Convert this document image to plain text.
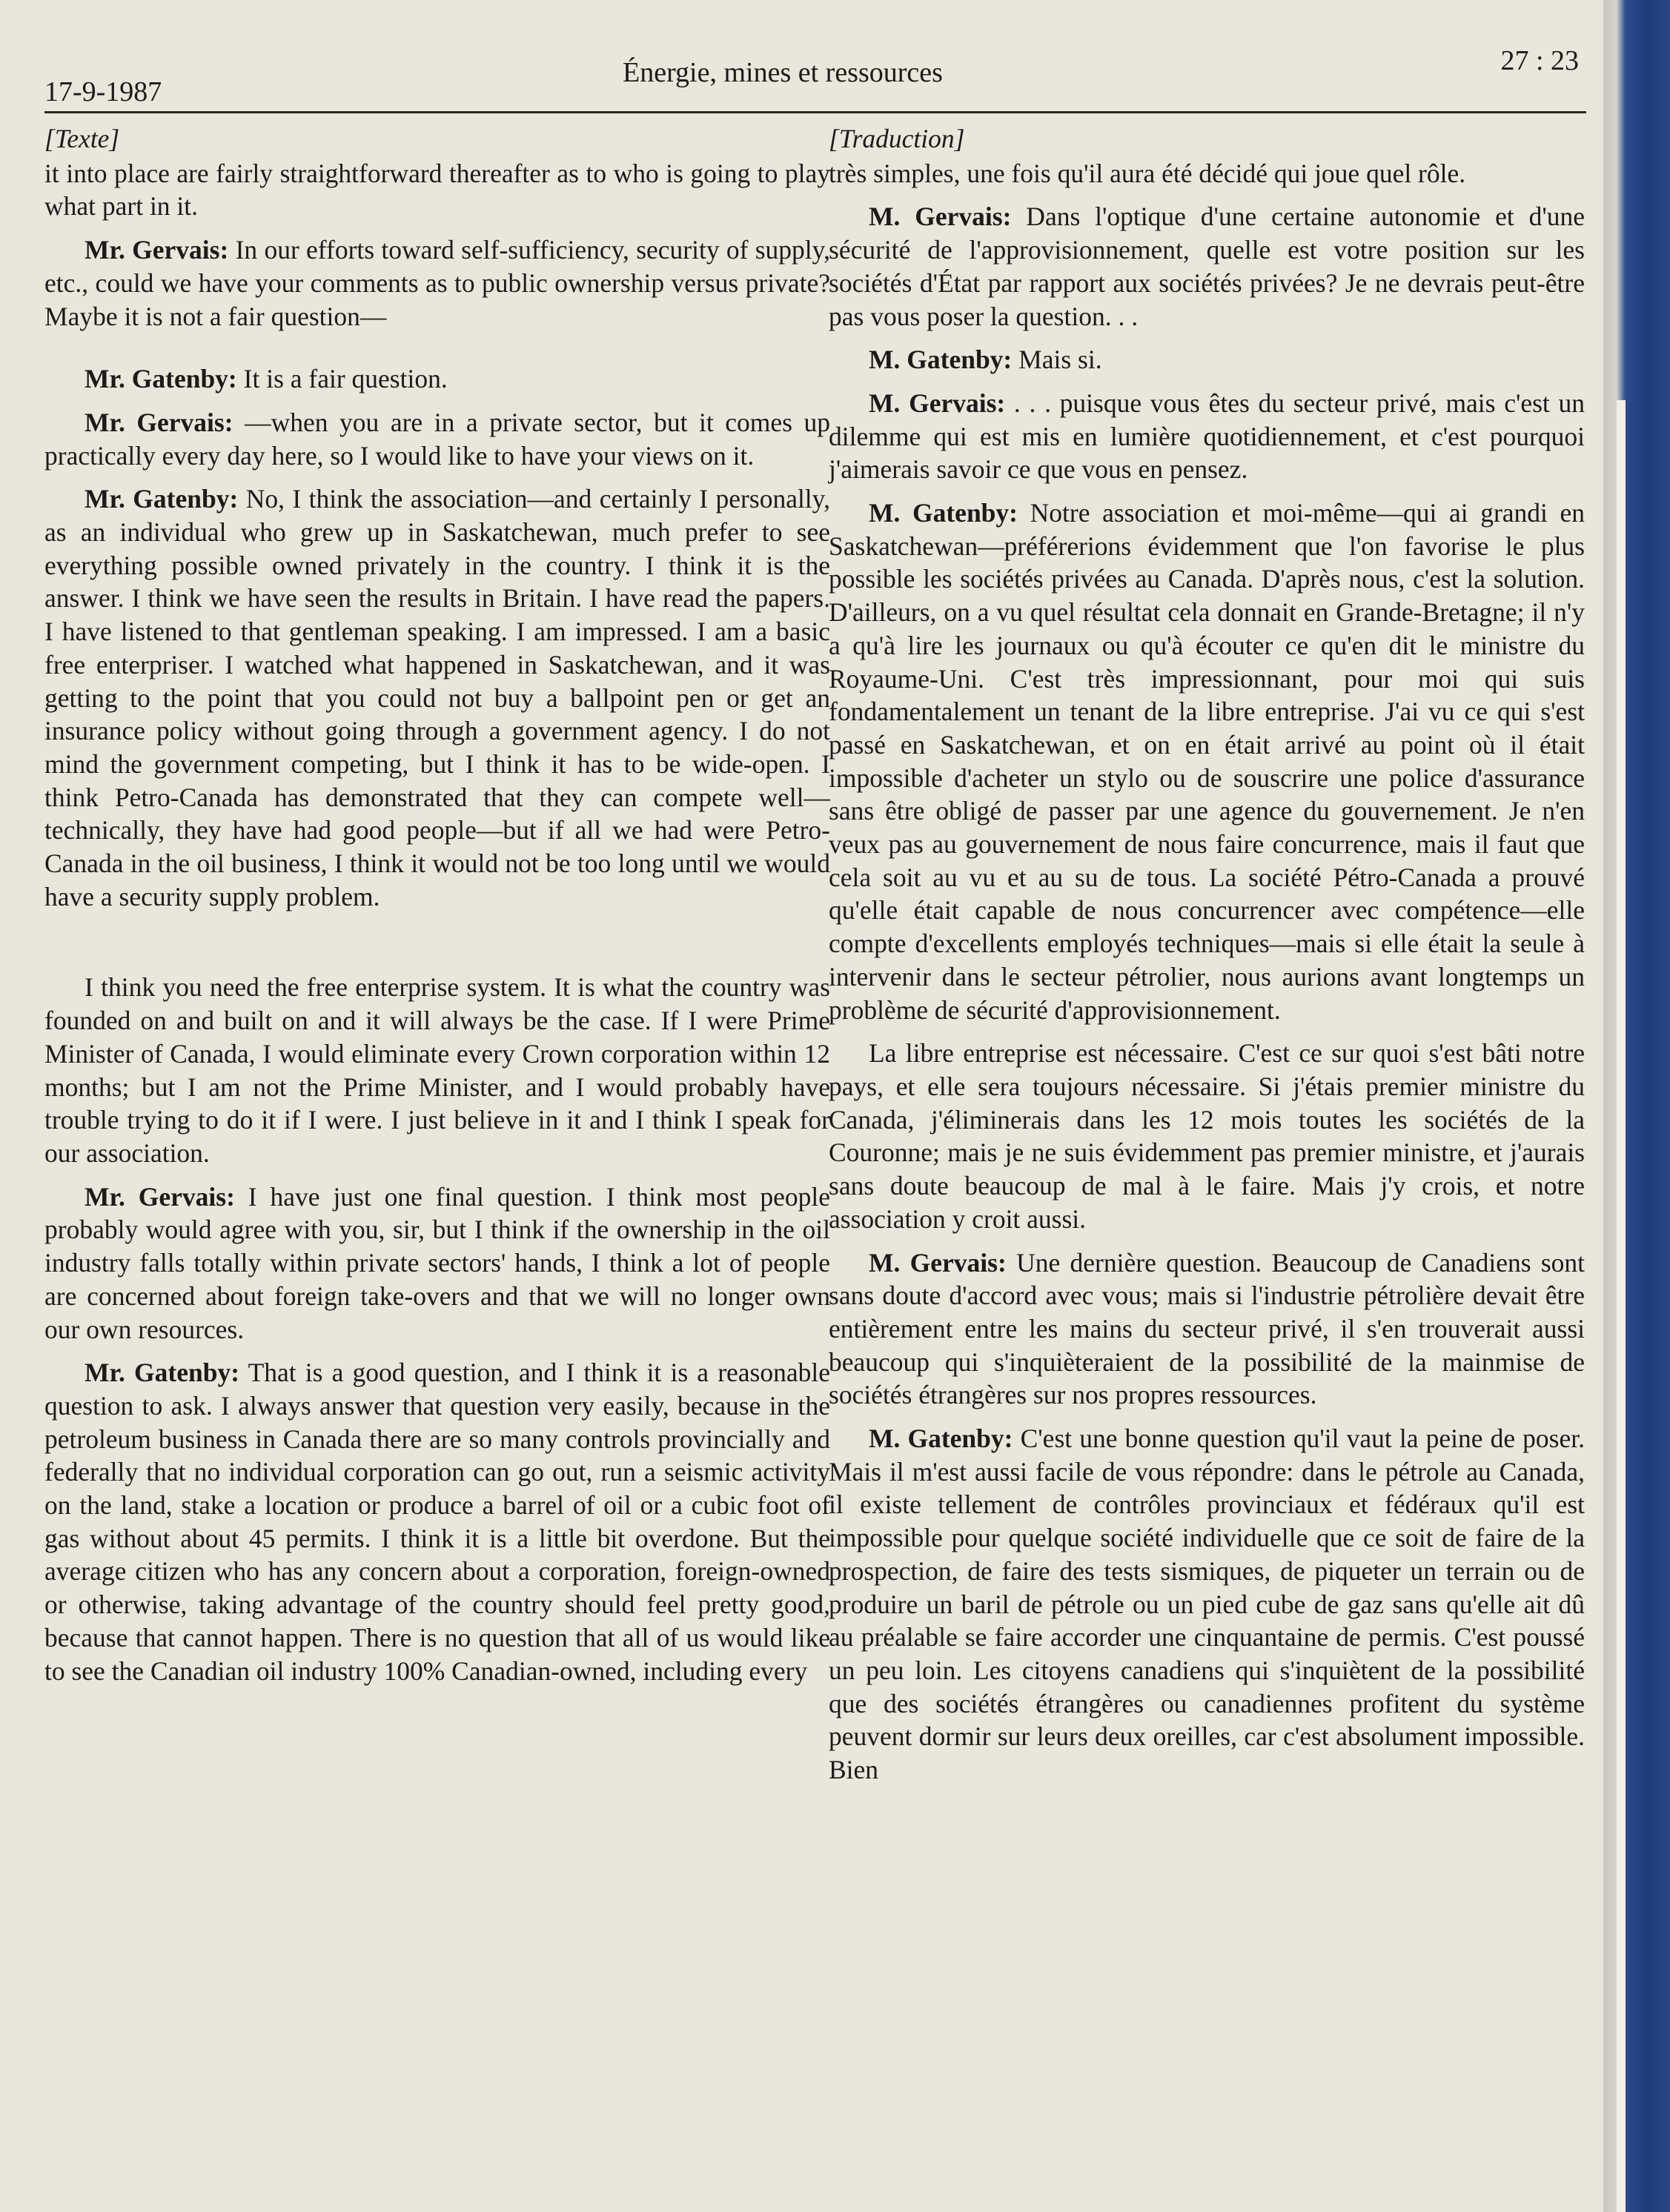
17-9-1987
Énergie, mines et ressources	27 : 23
[Texte]

it into place are fairly straightforward thereafter as to who is going to play what part in it.

Mr. Gervais: In our efforts toward self-sufficiency, security of supply, etc., could we have your comments as to public ownership versus private? Maybe it is not a fair question—

Mr. Gatenby: It is a fair question.

Mr. Gervais: —when you are in a private sector, but it comes up practically every day here, so I would like to have your views on it.

Mr. Gatenby: No, I think the association—and certainly I personally, as an individual who grew up in Saskatchewan, much prefer to see everything possible owned privately in the country. I think it is the answer. I think we have seen the results in Britain. I have read the papers. I have listened to that gentleman speaking. I am impressed. I am a basic free enterpriser. I watched what happened in Saskatchewan, and it was getting to the point that you could not buy a ballpoint pen or get an insurance policy without going through a government agency. I do not mind the government competing, but I think it has to be wide-open. I think Petro-Canada has demonstrated that they can compete well—technically, they have had good people—but if all we had were Petro-Canada in the oil business, I think it would not be too long until we would have a security supply problem.

I think you need the free enterprise system. It is what the country was founded on and built on and it will always be the case. If I were Prime Minister of Canada, I would eliminate every Crown corporation within 12 months; but I am not the Prime Minister, and I would probably have trouble trying to do it if I were. I just believe in it and I think I speak for our association.

Mr. Gervais: I have just one final question. I think most people probably would agree with you, sir, but I think if the ownership in the oil industry falls totally within private sectors' hands, I think a lot of people are concerned about foreign take-overs and that we will no longer own our own resources.

Mr. Gatenby: That is a good question, and I think it is a reasonable question to ask. I always answer that question very easily, because in the petroleum business in Canada there are so many controls provincially and federally that no individual corporation can go out, run a seismic activity on the land, stake a location or produce a barrel of oil or a cubic foot of gas without about 45 permits. I think it is a little bit overdone. But the average citizen who has any concern about a corporation, foreign-owned or otherwise, taking advantage of the country should feel pretty good, because that cannot happen. There is no question that all of us would like to see the Canadian oil industry 100% Canadian-owned, including every

[Traduction]

très simples, une fois qu'il aura été décidé qui joue quel rôle.

M. Gervais: Dans l'optique d'une certaine autonomie et d'une sécurité de l'approvisionnement, quelle est votre position sur les sociétés d'État par rapport aux sociétés privées? Je ne devrais peut-être pas vous poser la question. . .

M. Gatenby: Mais si.

M. Gervais: . . . puisque vous êtes du secteur privé, mais c'est un dilemme qui est mis en lumière quotidiennement, et c'est pourquoi j'aimerais savoir ce que vous en pensez.

M. Gatenby: Notre association et moi-même—qui ai grandi en Saskatchewan—préférerions évidemment que l'on favorise le plus possible les sociétés privées au Canada. D'après nous, c'est la solution. D'ailleurs, on a vu quel résultat cela donnait en Grande-Bretagne; il n'y a qu'à lire les journaux ou qu'à écouter ce qu'en dit le ministre du Royaume-Uni. C'est très impressionnant, pour moi qui suis fondamentalement un tenant de la libre entreprise. J'ai vu ce qui s'est passé en Saskatchewan, et on en était arrivé au point où il était impossible d'acheter un stylo ou de souscrire une police d'assurance sans être obligé de passer par une agence du gouvernement. Je n'en veux pas au gouvernement de nous faire concurrence, mais il faut que cela soit au vu et au su de tous. La société Pétro-Canada a prouvé qu'elle était capable de nous concurrencer avec compétence—elle compte d'excellents employés techniques—mais si elle était la seule à intervenir dans le secteur pétrolier, nous aurions avant longtemps un problème de sécurité d'approvisionnement.

La libre entreprise est nécessaire. C'est ce sur quoi s'est bâti notre pays, et elle sera toujours nécessaire. Si j'étais premier ministre du Canada, j'éliminerais dans les 12 mois toutes les sociétés de la Couronne; mais je ne suis évidemment pas premier ministre, et j'aurais sans doute beaucoup de mal à le faire. Mais j'y crois, et notre association y croit aussi.

M. Gervais: Une dernière question. Beaucoup de Canadiens sont sans doute d'accord avec vous; mais si l'industrie pétrolière devait être entièrement entre les mains du secteur privé, il s'en trouverait aussi beaucoup qui s'inquièteraient de la possibilité de la mainmise de sociétés étrangères sur nos propres ressources.

M. Gatenby: C'est une bonne question qu'il vaut la peine de poser. Mais il m'est aussi facile de vous répondre: dans le pétrole au Canada, il existe tellement de contrôles provinciaux et fédéraux qu'il est impossible pour quelque société individuelle que ce soit de faire de la prospection, de faire des tests sismiques, de piqueter un terrain ou de produire un baril de pétrole ou un pied cube de gaz sans qu'elle ait dû au préalable se faire accorder une cinquantaine de permis. C'est poussé un peu loin. Les citoyens canadiens qui s'inquiètent de la possibilité que des sociétés étrangères ou canadiennes profitent du système peuvent dormir sur leurs deux oreilles, car c'est absolument impossible. Bien
